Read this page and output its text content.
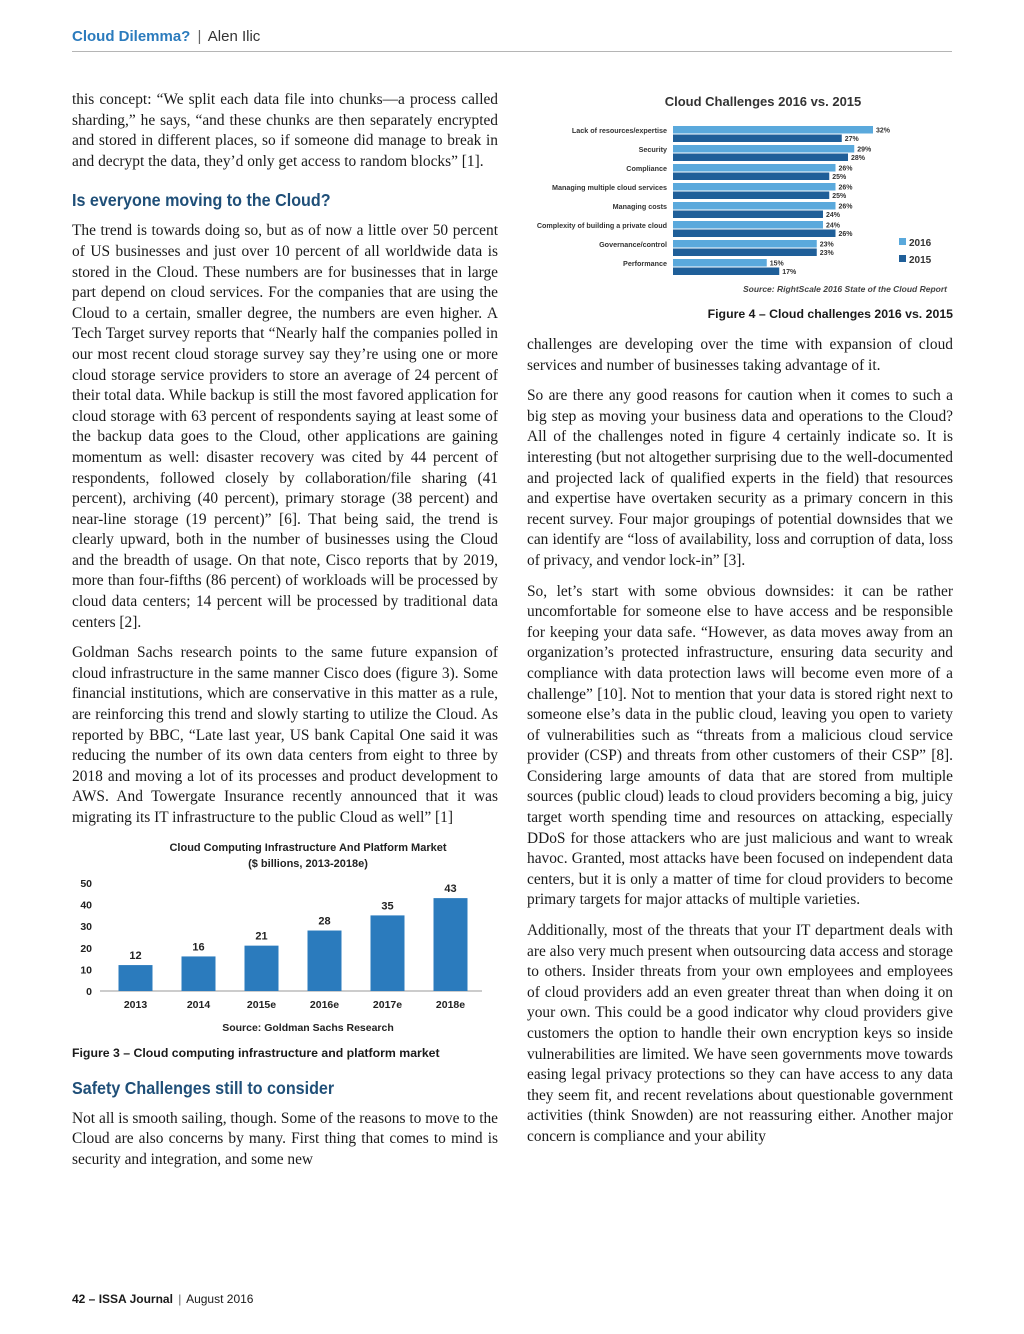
Cloud Dilemma? | Alen Ilic

this concept: “We split each data file into chunks—a process called sharding,” he says, “and these chunks are then separately encrypted and stored in different places, so if someone did manage to break in and decrypt the data, they’d only get access to random blocks” [1].

Is everyone moving to the Cloud?

The trend is towards doing so, but as of now a little over 50 percent of US businesses and just over 10 percent of all worldwide data is stored in the Cloud. These numbers are for businesses that in large part depend on cloud services. For the companies that are using the Cloud to a certain, smaller degree, the numbers are even higher. A Tech Target survey reports that “Nearly half the companies polled in our most recent cloud storage survey say they’re using one or more cloud storage service providers to store an average of 24 percent of their total data. While backup is still the most favored application for cloud storage with 63 percent of respondents saying at least some of the backup data goes to the Cloud, other applications are gaining momentum as well: disaster recovery was cited by 44 percent of respondents, followed closely by collaboration/file sharing (41 percent), archiving (40 percent), primary storage (38 percent) and near-line storage (19 percent)” [6]. That being said, the trend is clearly upward, both in the number of businesses using the Cloud and the breadth of usage. On that note, Cisco reports that by 2019, more than four-fifths (86 percent) of workloads will be processed by cloud data centers; 14 percent will be processed by traditional data centers [2].

Goldman Sachs research points to the same future expansion of cloud infrastructure in the same manner Cisco does (figure 3). Some financial institutions, which are conservative in this matter as a rule, are reinforcing this trend and slowly starting to utilize the Cloud. As reported by BBC, “Late last year, US bank Capital One said it was reducing the number of its own data centers from eight to three by 2018 and moving a lot of its processes and product development to AWS. And Towergate Insurance recently announced that it was migrating its IT infrastructure to the public Cloud as well” [1]

Cloud Computing Infrastructure And Platform Market
($ billions, 2013-2018e)
0
10
20
30
40
50
12
2013
16
2014
21
2015e
28
2016e
35
2017e
43
2018e
Source: Goldman Sachs Research
Figure 3 – Cloud computing infrastructure and platform market
Safety Challenges still to consider

Not all is smooth sailing, though. Some of the reasons to move to the Cloud are also concerns by many. First thing that comes to mind is security and integration, and some new

Cloud Challenges 2016 vs. 2015
Lack of resources/expertise	32%
27%
Security	29%
28%
Compliance	26%
25%
Managing multiple cloud services	26%
25%
Managing costs	26%
24%
Complexity of building a private cloud	24%
26%
Governance/control	23%
23%
Performance	15%
17%
2016
2015
Source: RightScale 2016 State of the Cloud Report
Figure 4 – Cloud challenges 2016 vs. 2015

challenges are developing over the time with expansion of cloud services and number of businesses taking advantage of it.

So are there any good reasons for caution when it comes to such a big step as moving your business data and operations to the Cloud? All of the challenges noted in figure 4 certainly indicate so. It is interesting (but not altogether surprising due to the well-documented and projected lack of qualified experts in the field) that resources and expertise have overtaken security as a primary concern in this recent survey. Four major groupings of potential downsides that we can identify are “loss of availability, loss and corruption of data, loss of privacy, and vendor lock-in” [3].

So, let’s start with some obvious downsides: it can be rather uncomfortable for someone else to have access and be responsible for keeping your data safe. “However, as data moves away from an organization’s protected infrastructure, ensuring data security and compliance with data protection laws will become even more of a challenge” [10]. Not to mention that your data is stored right next to someone else’s data in the public cloud, leaving you open to variety of vulnerabilities such as “threats from a malicious cloud service provider (CSP) and threats from other customers of their CSP” [8]. Considering large amounts of data that are stored from multiple sources (public cloud) leads to cloud providers becoming a big, juicy target worth spending time and resources on attacking, especially DDoS for those attackers who are just malicious and want to wreak havoc. Granted, most attacks have been focused on independent data centers, but it is only a matter of time for cloud providers to become primary targets for major attacks of multiple varieties.

Additionally, most of the threats that your IT department deals with are also very much present when outsourcing data access and storage to others. Insider threats from your own employees and employees of cloud providers add an even greater threat than when doing it on your own. This could be a good indicator why cloud providers give customers the option to handle their own encryption keys so inside vulnerabilities are limited. We have seen governments move towards easing legal privacy protections so they can have access to any data they seem fit, and recent revelations about questionable government activities (think Snowden) are not reassuring either. Another major concern is compliance and your ability

42 – ISSA Journal | August 2016
